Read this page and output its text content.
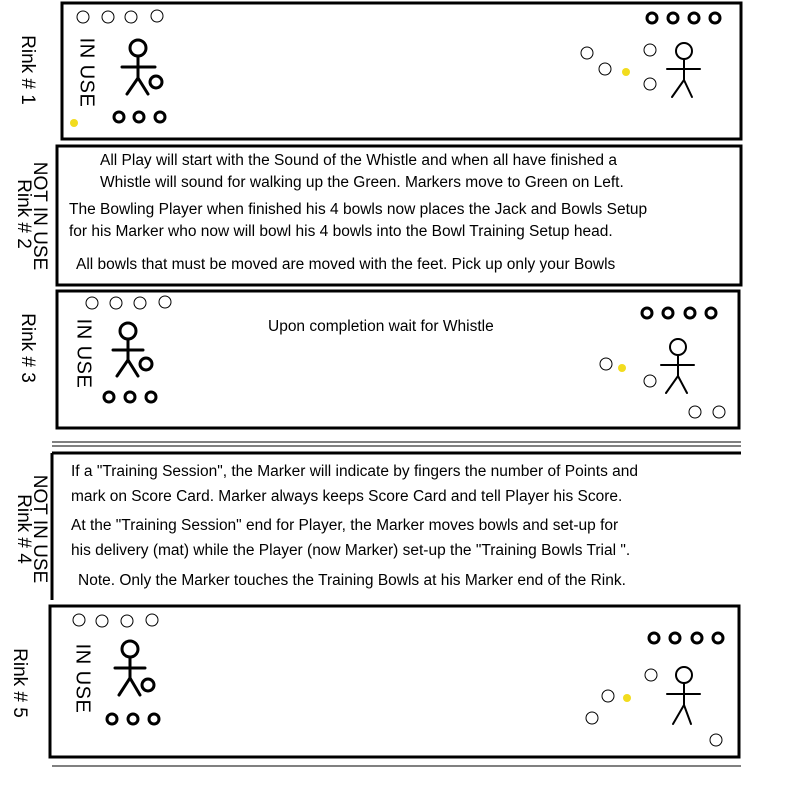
Rink # 1
NOT IN USE
Rink # 2
Rink # 3
NOT IN USE
Rink # 4
Rink # 5
IN USE
IN USE
IN USE
All Play will start with the Sound of the Whistle and when all have finished a
Whistle will sound for walking up the Green. Markers move to Green on Left.
The Bowling Player when finished his 4 bowls now places the Jack and Bowls Setup
for his Marker who now will bowl his 4 bowls into the Bowl Training Setup head.
All bowls that must be moved are moved with the feet. Pick up only your Bowls
Upon completion wait for Whistle
If a "Training Session", the Marker will indicate by fingers the number of Points and
mark on Score Card. Marker always keeps Score Card and tell Player his Score.
At the "Training Session" end for Player, the Marker moves bowls and set-up for
his delivery (mat) while the Player (now Marker) set-up the "Training Bowls Trial ".
Note. Only the Marker touches the Training Bowls at his Marker end of the Rink.
